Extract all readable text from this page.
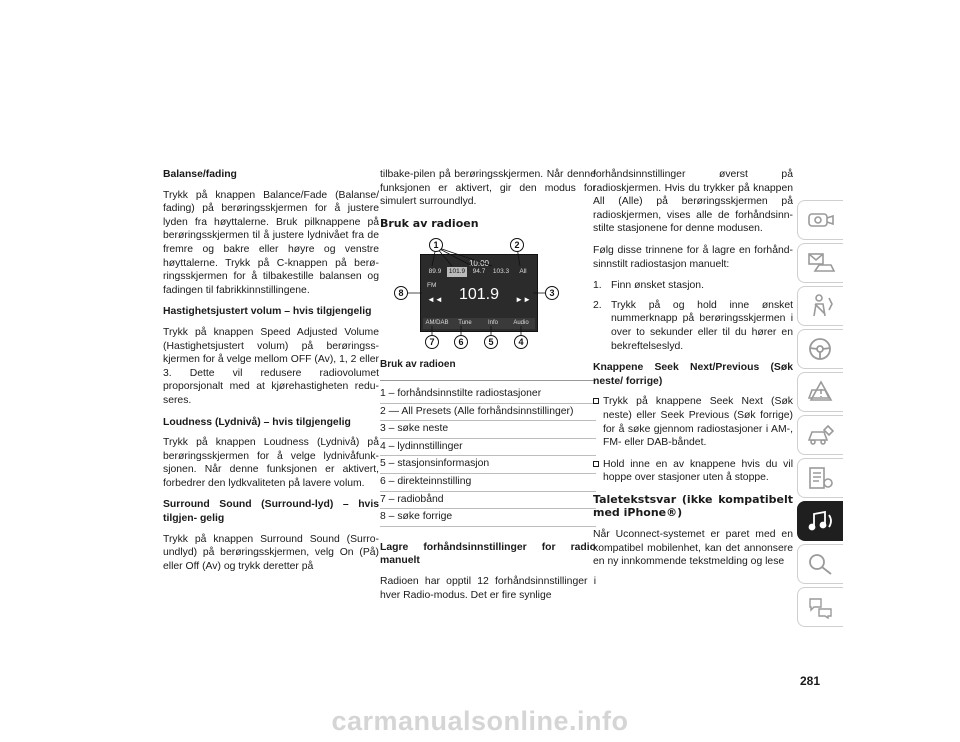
Balanse/fading

Trykk på knappen Balance/Fade (Balanse/ fading) på berøringsskjermen for å justere lyden fra høyttalerne. Bruk pilknappene på berøringsskjermen til å justere lydnivået fra de fremre og bakre eller høyre og venstre høyttalerne. Trykk på C-knappen på berø- ringsskjermen for å tilbakestille balansen og fadingen til fabrikkinnstillingene.

Hastighetsjustert volum – hvis tilgjengelig

Trykk på knappen Speed Adjusted Volume (Hastighetsjustert volum) på berøringss- kjermen for å velge mellom OFF (Av), 1, 2 eller 3. Dette vil redusere radiovolumet proporsjonalt med at kjørehastigheten redu- seres.

Loudness (Lydnivå) – hvis tilgjengelig

Trykk på knappen Loudness (Lydnivå) på berøringsskjermen for å velge lydnivåfunk- sjonen. Når denne funksjonen er aktivert, forbedrer den lydkvaliteten på lavere volum.

Surround Sound (Surround-lyd) – hvis tilgjen- gelig

Trykk på knappen Surround Sound (Surro- undlyd) på berøringsskjermen, velg On (På) eller Off (Av) og trykk deretter på

tilbake-pilen på berøringsskjermen. Når denne funksjonen er aktivert, gir den modus for simulert surroundlyd.

Bruk av radioen

10:00
89.9	101.9	94.7	103.3	All
FM
◄◄	101.9	►►
AM/DAB	Tune	Info	Audio
1	2
3
4
5
6
7
8

Bruk av radioen

1 – forhåndsinnstilte radiostasjoner
2 — All Presets (Alle forhåndsinnstillinger)
3 – søke neste
4 – lydinnstillinger
5 – stasjonsinformasjon
6 – direkteinnstilling
7 – radiobånd
8 – søke forrige

Lagre forhåndsinnstillinger for radio manuelt

Radioen har opptil 12 forhåndsinnstillinger i hver Radio-modus. Det er fire synlige

forhåndsinnstillinger øverst på radioskjermen. Hvis du trykker på knappen All (Alle) på berøringsskjermen på radioskjermen, vises alle de forhåndsinn- stilte stasjonene for denne modusen.

Følg disse trinnene for å lagre en forhånd- sinnstilt radiostasjon manuelt:

1. Finn ønsket stasjon.
2. Trykk på og hold inne ønsket nummerknapp på berøringsskjermen i over to sekunder eller til du hører en bekreftelseslyd.

Knappene Seek Next/Previous (Søk neste/ forrige)

Trykk på knappene Seek Next (Søk neste) eller Seek Previous (Søk forrige) for å søke gjennom radiostasjoner i AM-, FM- eller DAB-båndet.
Hold inne en av knappene hvis du vil hoppe over stasjoner uten å stoppe.

Taletekstsvar (ikke kompatibelt med iPhone®)

Når Uconnect-systemet er paret med en kompatibel mobilenhet, kan det annonsere en ny innkommende tekstmelding og lese

281
carmanualsonline.info
